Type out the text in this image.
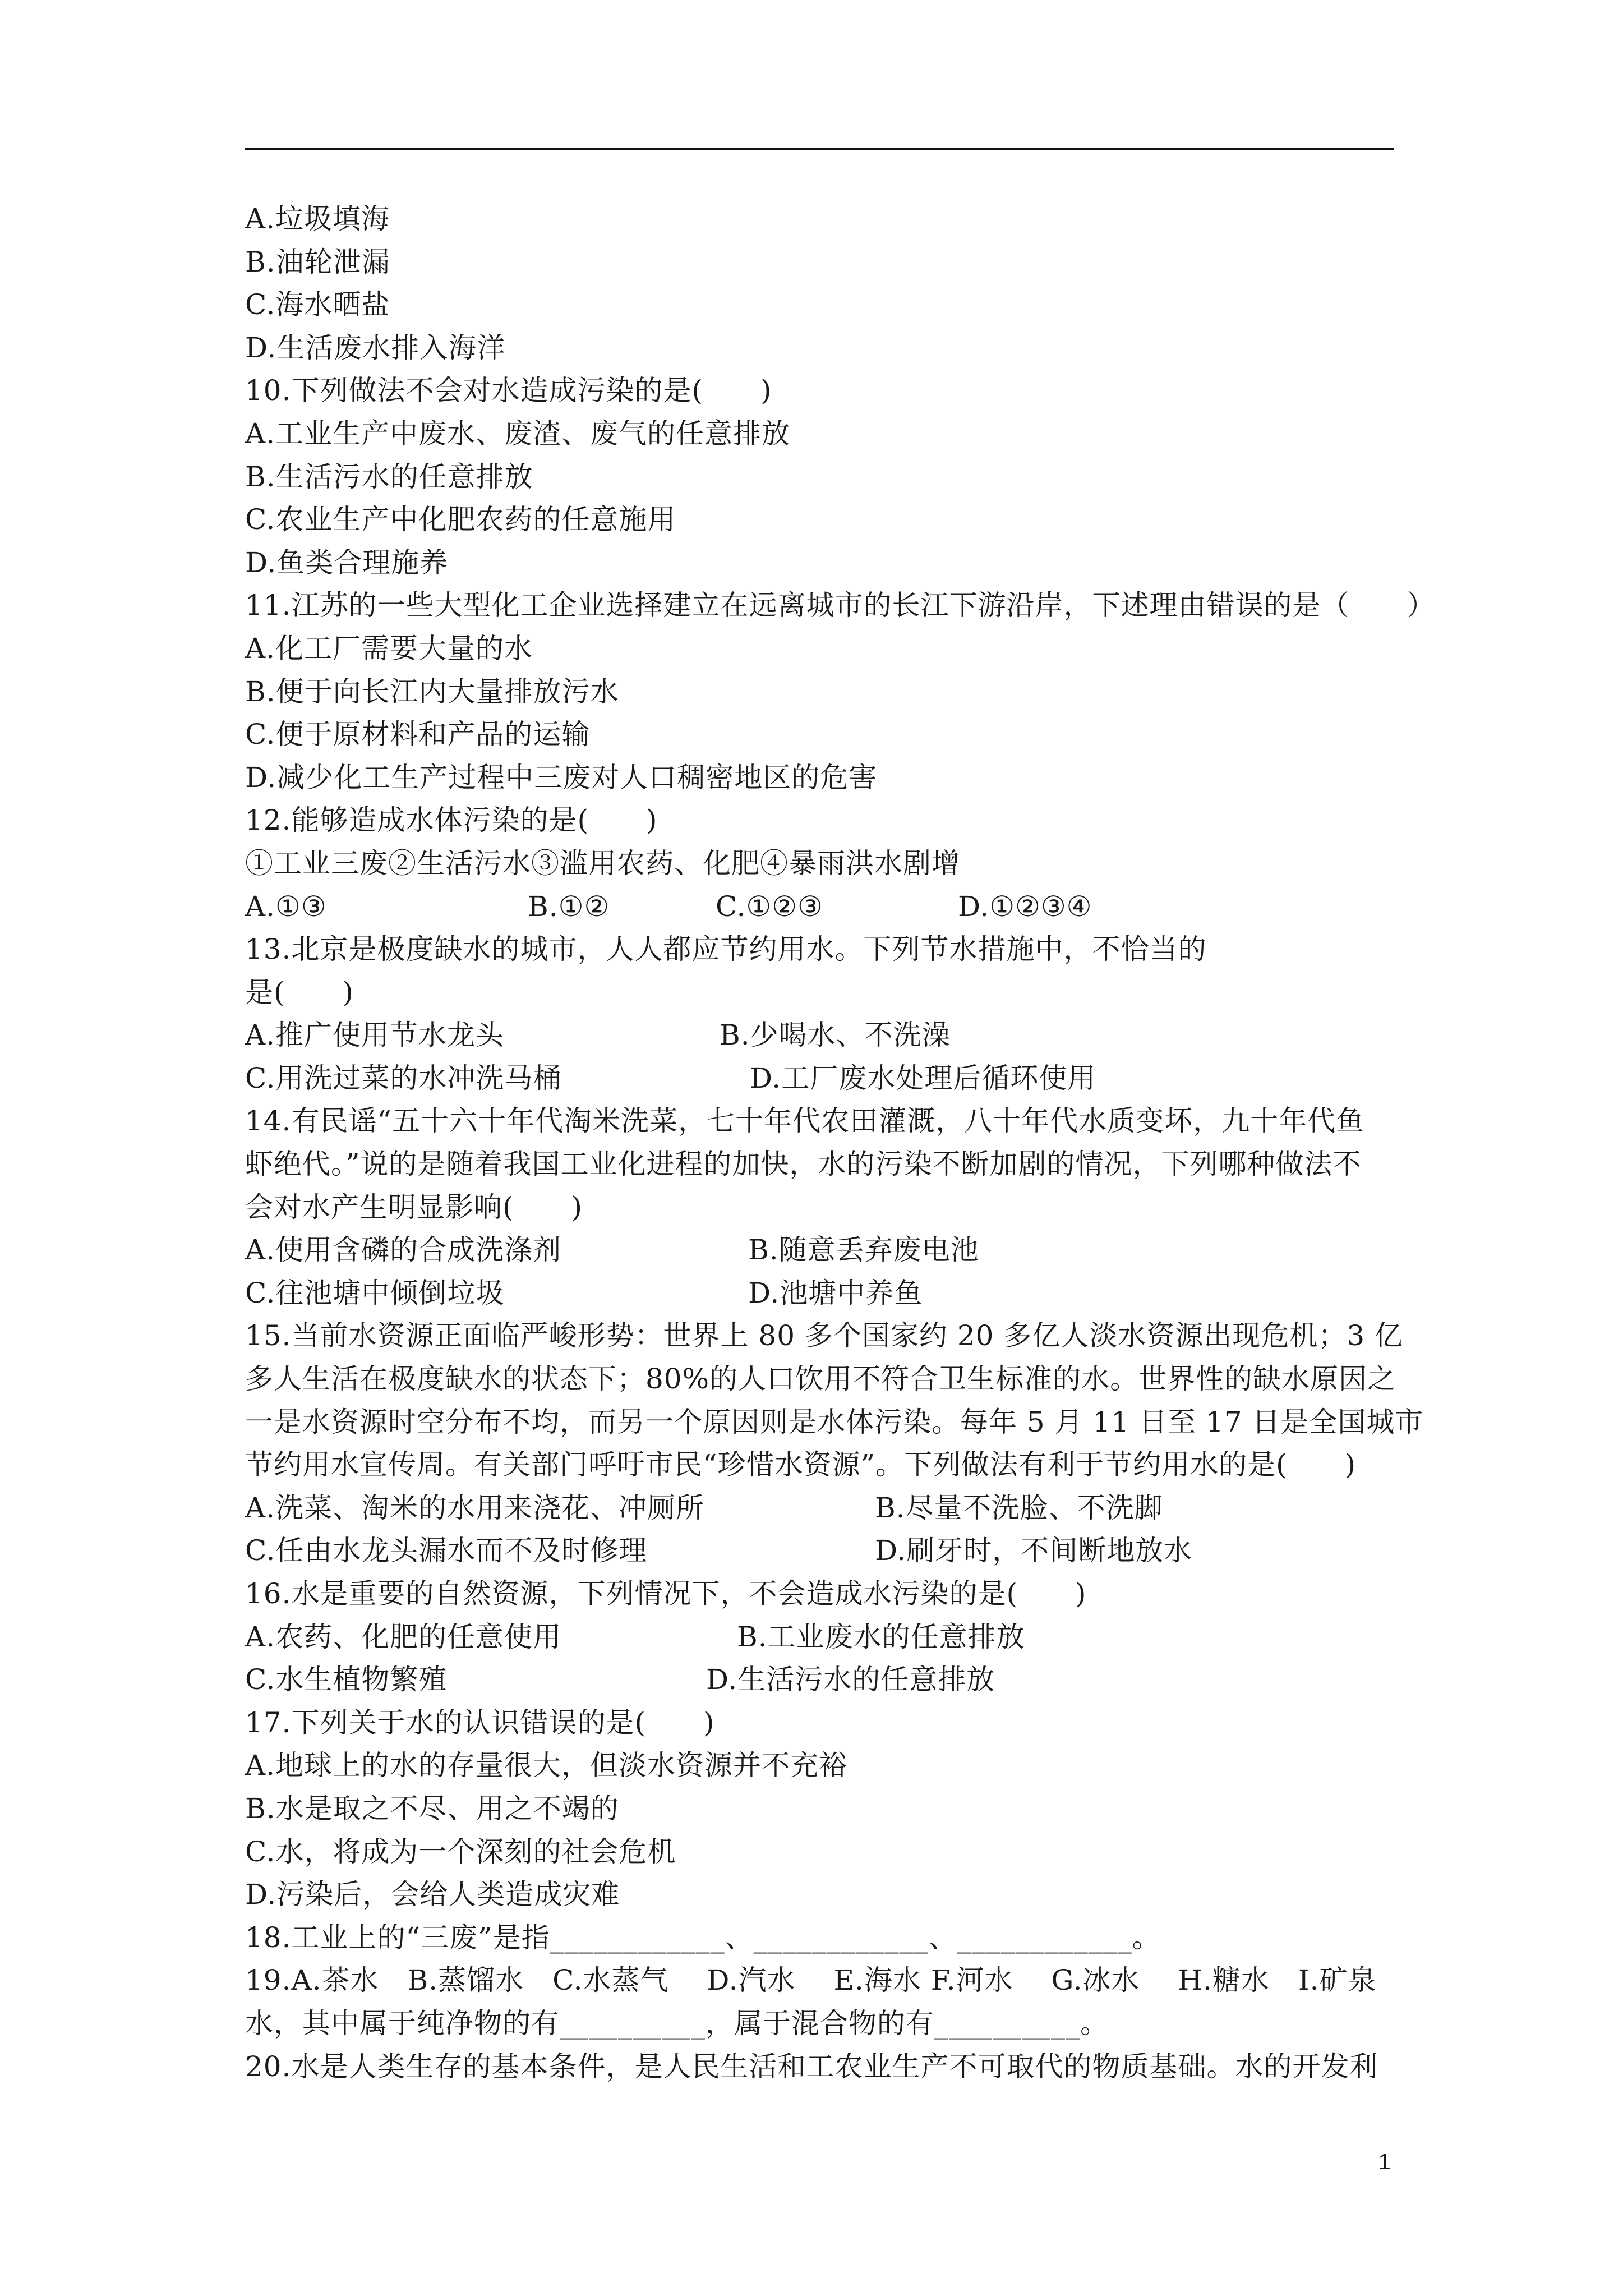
A.垃圾填海
B.油轮泄漏
C.海水晒盐
D.生活废水排入海洋
10.下列做法不会对水造成污染的是(　　)
A.工业生产中废水、废渣、废气的任意排放
B.生活污水的任意排放
C.农业生产中化肥农药的任意施用
D.鱼类合理施养
11.江苏的一些大型化工企业选择建立在远离城市的长江下游沿岸，下述理由错误的是（　　）
A.化工厂需要大量的水
B.便于向长江内大量排放污水
C.便于原材料和产品的运输
D.减少化工生产过程中三废对人口稠密地区的危害
12.能够造成水体污染的是(　　)
①工业三废②生活污水③滥用农药、化肥④暴雨洪水剧增
A.①③	B.①②	C.①②③	D.①②③④
13.北京是极度缺水的城市，人人都应节约用水。下列节水措施中，不恰当的
是(　　)
A.推广使用节水龙头	B.少喝水、不洗澡
C.用洗过菜的水冲洗马桶	D.工厂废水处理后循环使用
14.有民谣“五十六十年代淘米洗菜，七十年代农田灌溉，八十年代水质变坏，九十年代鱼
虾绝代。”说的是随着我国工业化进程的加快，水的污染不断加剧的情况，下列哪种做法不
会对水产生明显影响(　　)
A.使用含磷的合成洗涤剂	B.随意丢弃废电池
C.往池塘中倾倒垃圾	D.池塘中养鱼
15.当前水资源正面临严峻形势：世界上 80 多个国家约 20 多亿人淡水资源出现危机；3 亿
多人生活在极度缺水的状态下；80%的人口饮用不符合卫生标准的水。世界性的缺水原因之
一是水资源时空分布不均，而另一个原因则是水体污染。每年 5 月 11 日至 17 日是全国城市
节约用水宣传周。有关部门呼吁市民“珍惜水资源”。下列做法有利于节约用水的是(　　)
A.洗菜、淘米的水用来浇花、冲厕所	B.尽量不洗脸、不洗脚
C.任由水龙头漏水而不及时修理	D.刷牙时，不间断地放水
16.水是重要的自然资源，下列情况下，不会造成水污染的是(　　)
A.农药、化肥的任意使用	B.工业废水的任意排放
C.水生植物繁殖	D.生活污水的任意排放
17.下列关于水的认识错误的是(　　)
A.地球上的水的存量很大，但淡水资源并不充裕
B.水是取之不尽、用之不竭的
C.水，将成为一个深刻的社会危机
D.污染后，会给人类造成灾难
18.工业上的“三废”是指____________、____________、____________。
19.A.茶水　B.蒸馏水　C.水蒸气　 D.汽水　 E.海水 F.河水　 G.冰水　 H.糖水　I.矿泉
水，其中属于纯净物的有__________，属于混合物的有__________。
20.水是人类生存的基本条件，是人民生活和工农业生产不可取代的物质基础。水的开发利
1
